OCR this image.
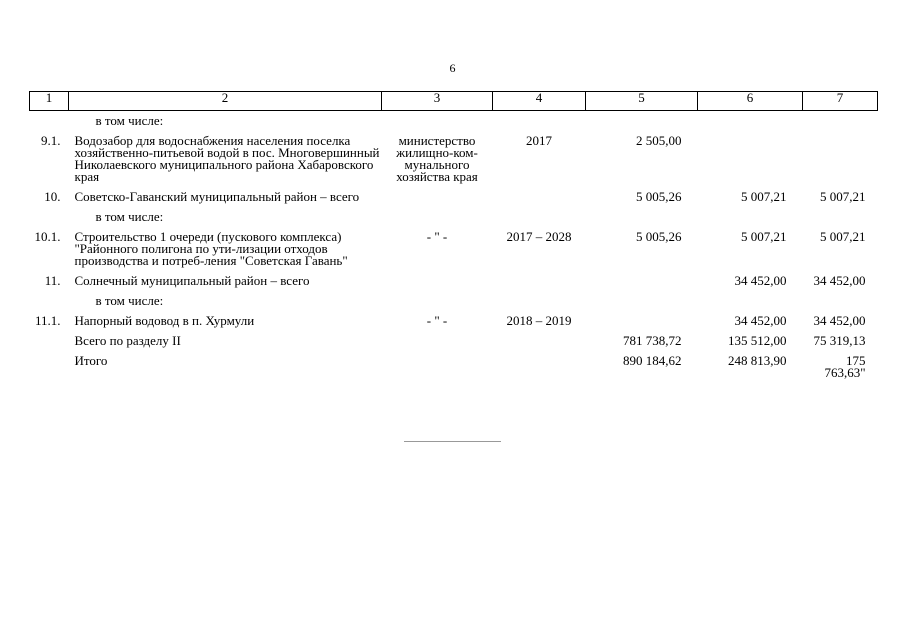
6
1	2	3	4	5	6	7
	в том числе:					

9.1.	Водозабор для водоснабжения населения поселка хозяйственно-питьевой водой в пос. Многовершинный Николаевского муниципального района Хабаровского края	министерство жилищно-ком-мунального хозяйства края	2017	2 505,00		

10.	Советско-Гаванский муниципальный район – всего			5 005,26	5 007,21	5 007,21

	в том числе:					

10.1.	Строительство 1 очереди (пускового комплекса) "Районного полигона по ути-лизации отходов производства и потреб-ления "Советская Гавань"	- " -	2017 – 2028	5 005,26	5 007,21	5 007,21

11.	Солнечный муниципальный район – всего				34 452,00	34 452,00

	в том числе:					

11.1.	Напорный водовод в п. Хурмули	- " -	2018 – 2019		34 452,00	34 452,00

	Всего по разделу II			781 738,72	135 512,00	75 319,13

	Итого			890 184,62	248 813,90	175 763,63"
